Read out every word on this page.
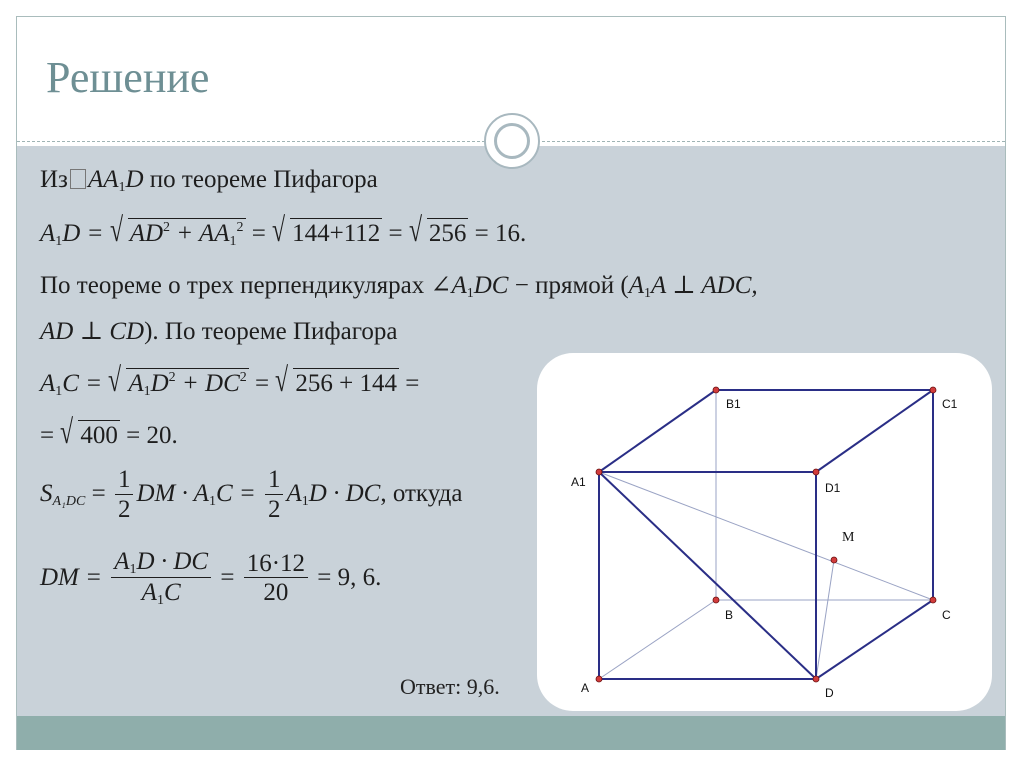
Решение
Из $AA_1D$ по теореме Пифагора
$A_1D$ = √ $AD^2 + AA_1^2$ = √ 144+112 = √ 256 = 16.
По теореме о трех перпендикулярах $\angle A_1DC$ − прямой ($A_1A$ ⊥ ADC,
AD ⊥ CD). По теореме Пифагора
$A_1C$ = √ $A_1D^2 + DC^2$ = √ 256 + 144 =
= √ 400 = 20.
$S_{A_1DC} = \frac{1}{2}$ DM · $A_1C = \frac{1}{2} A_1D$ · DC, откуда
DM = $\frac{A_1D \cdot DC}{A_1C} = \frac{16\cdot 12}{20} = 9$, 6.
A1
B1	C1
D1
A
B	C
D
M
Ответ: 9,6.
